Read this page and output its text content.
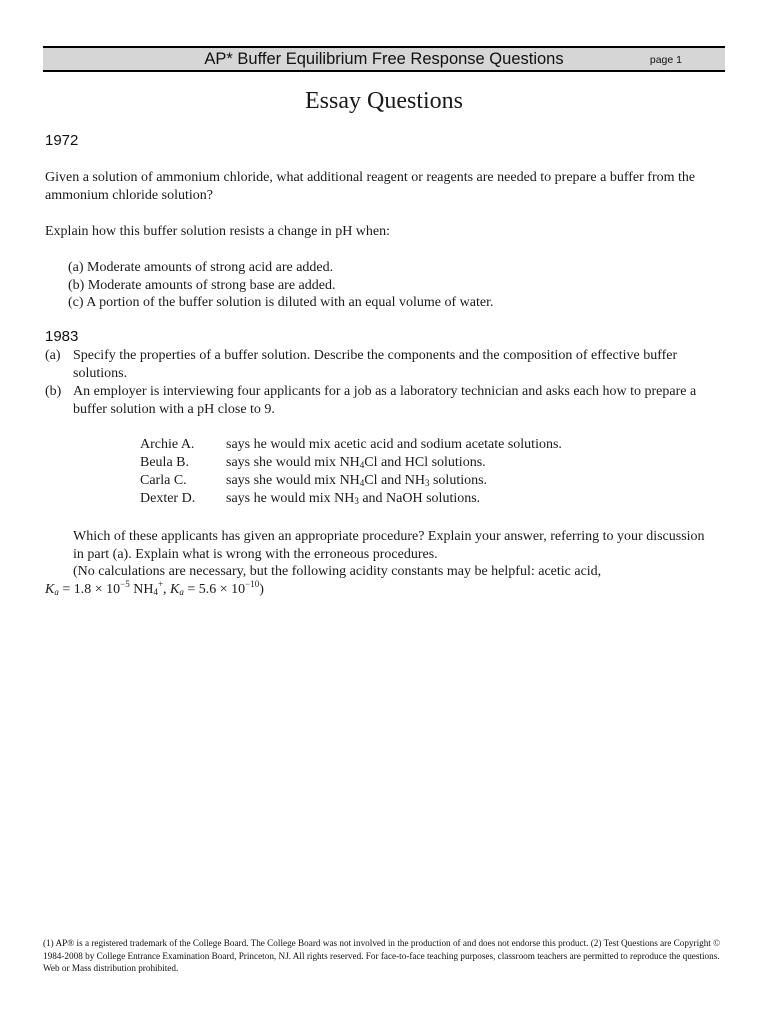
AP* Buffer Equilibrium Free Response Questions	page 1
Essay Questions
1972
Given a solution of ammonium chloride, what additional reagent or reagents are needed to prepare a buffer from the ammonium chloride solution?
Explain how this buffer solution resists a change in pH when:
(a) Moderate amounts of strong acid are added.
(b) Moderate amounts of strong base are added.
(c) A portion of the buffer solution is diluted with an equal volume of water.
1983
(a) Specify the properties of a buffer solution. Describe the components and the composition of effective buffer solutions.
(b) An employer is interviewing four applicants for a job as a laboratory technician and asks each how to prepare a buffer solution with a pH close to 9.
Archie A.	says he would mix acetic acid and sodium acetate solutions.
Beula B.	says she would mix $NH_4Cl$ and HCl solutions.
Carla C.	says she would mix $NH_4Cl$ and $NH_3$ solutions.
Dexter D.	says he would mix $NH_3$ and NaOH solutions.
Which of these applicants has given an appropriate procedure? Explain your answer, referring to your discussion in part (a). Explain what is wrong with the erroneous procedures.
(No calculations are necessary, but the following acidity constants may be helpful: acetic acid,
$K_a = 1.8 \times 10^{-5}$ $NH_4^+$, $K_a = 5.6 \times 10^{-10}$)
(1) AP® is a registered trademark of the College Board. The College Board was not involved in the production of and does not endorse this product. (2) Test Questions are Copyright © 1984-2008 by College Entrance Examination Board, Princeton, NJ. All rights reserved. For face-to-face teaching purposes, classroom teachers are permitted to reproduce the questions. Web or Mass distribution prohibited.
